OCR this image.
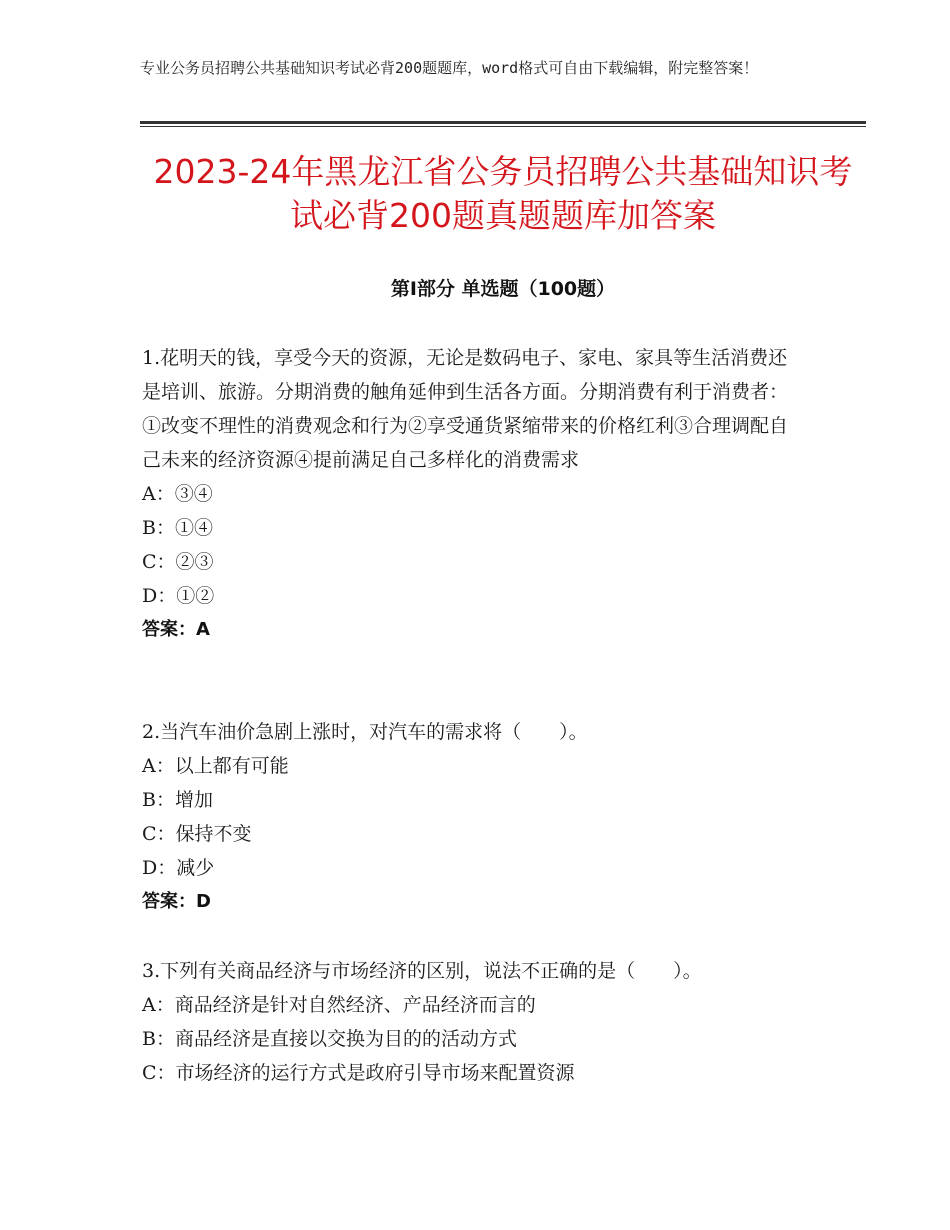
专业公务员招聘公共基础知识考试必背200题题库，word格式可自由下载编辑，附完整答案！
2023-24年黑龙江省公务员招聘公共基础知识考试必背200题真题题库加答案
第Ⅰ部分 单选题（100题）

1.花明天的钱，享受今天的资源，无论是数码电子、家电、家具等生活消费还是培训、旅游。分期消费的触角延伸到生活各方面。分期消费有利于消费者：①改变不理性的消费观念和行为②享受通货紧缩带来的价格红利③合理调配自己未来的经济资源④提前满足自己多样化的消费需求

A：③④

B：①④

C：②③

D：①②

答案：A

2.当汽车油价急剧上涨时，对汽车的需求将（　　）。

A：以上都有可能

B：增加

C：保持不变

D：减少

答案：D

3.下列有关商品经济与市场经济的区别，说法不正确的是（　　）。

A：商品经济是针对自然经济、产品经济而言的

B：商品经济是直接以交换为目的的活动方式

C：市场经济的运行方式是政府引导市场来配置资源
